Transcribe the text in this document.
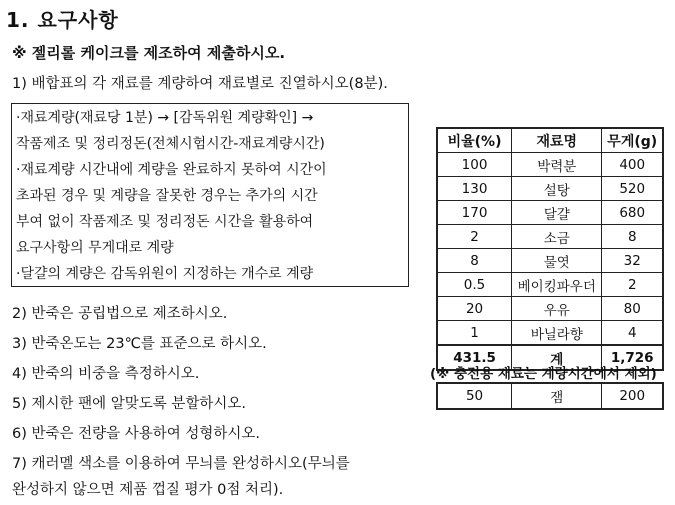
1. 요구사항
※ 젤리롤 케이크를 제조하여 제출하시오.
1) 배합표의 각 재료를 계량하여 재료별로 진열하시오(8분).
·재료계량(재료당 1분) → [감독위원 계량확인] →
작품제조 및 정리정돈(전체시험시간-재료계량시간)
·재료계량 시간내에 계량을 완료하지 못하여 시간이
초과된 경우 및 계량을 잘못한 경우는 추가의 시간
부여 없이 작품제조 및 정리정돈 시간을 활용하여
요구사항의 무게대로 계량
·달걀의 계량은 감독위원이 지정하는 개수로 계량
2) 반죽은 공립법으로 제조하시오.
3) 반죽온도는 23℃를 표준으로 하시오.
4) 반죽의 비중을 측정하시오.
5) 제시한 팬에 알맞도록 분할하시오.
6) 반죽은 전량을 사용하여 성형하시오.
7) 캐러멜 색소를 이용하여 무늬를 완성하시오(무늬를
완성하지 않으면 제품 껍질 평가 0점 처리).
비율(%)	재료명	무게(g)
100	박력분	400
130	설탕	520
170	달걀	680
2	소금	8
8	물엿	32
0.5	베이킹파우더	2
20	우유	80
1	바닐라향	4
431.5	계	1,726
(※ 충전용 재료는 계량시간에서 제외)
50	잼	200
